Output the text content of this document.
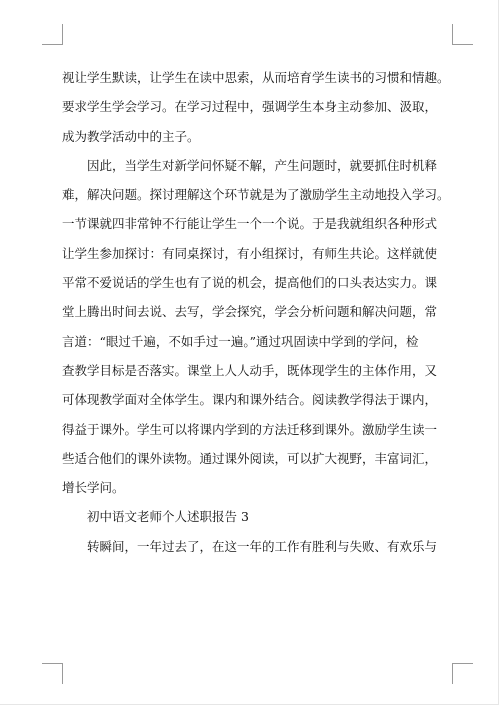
视让学生默读，让学生在读中思索，从而培育学生读书的习惯和情趣。
要求学生学会学习。在学习过程中，强调学生本身主动参加、汲取，
成为教学活动中的主子。
因此，当学生对新学问怀疑不解，产生问题时，就要抓住时机释
难，解决问题。探讨理解这个环节就是为了激励学生主动地投入学习。
一节课就四非常钟不行能让学生一个一个说。于是我就组织各种形式
让学生参加探讨：有同桌探讨，有小组探讨，有师生共论。这样就使
平常不爱说话的学生也有了说的机会，提高他们的口头表达实力。课
堂上腾出时间去说、去写，学会探究，学会分析问题和解决问题，常
言道：“眼过千遍，不如手过一遍。”通过巩固读中学到的学问，检
查教学目标是否落实。课堂上人人动手，既体现学生的主体作用，又
可体现教学面对全体学生。课内和课外结合。阅读教学得法于课内，
得益于课外。学生可以将课内学到的方法迁移到课外。激励学生读一
些适合他们的课外读物。通过课外阅读，可以扩大视野，丰富词汇，
增长学问。
初中语文老师个人述职报告 3
转瞬间，一年过去了，在这一年的工作有胜利与失败、有欢乐与
